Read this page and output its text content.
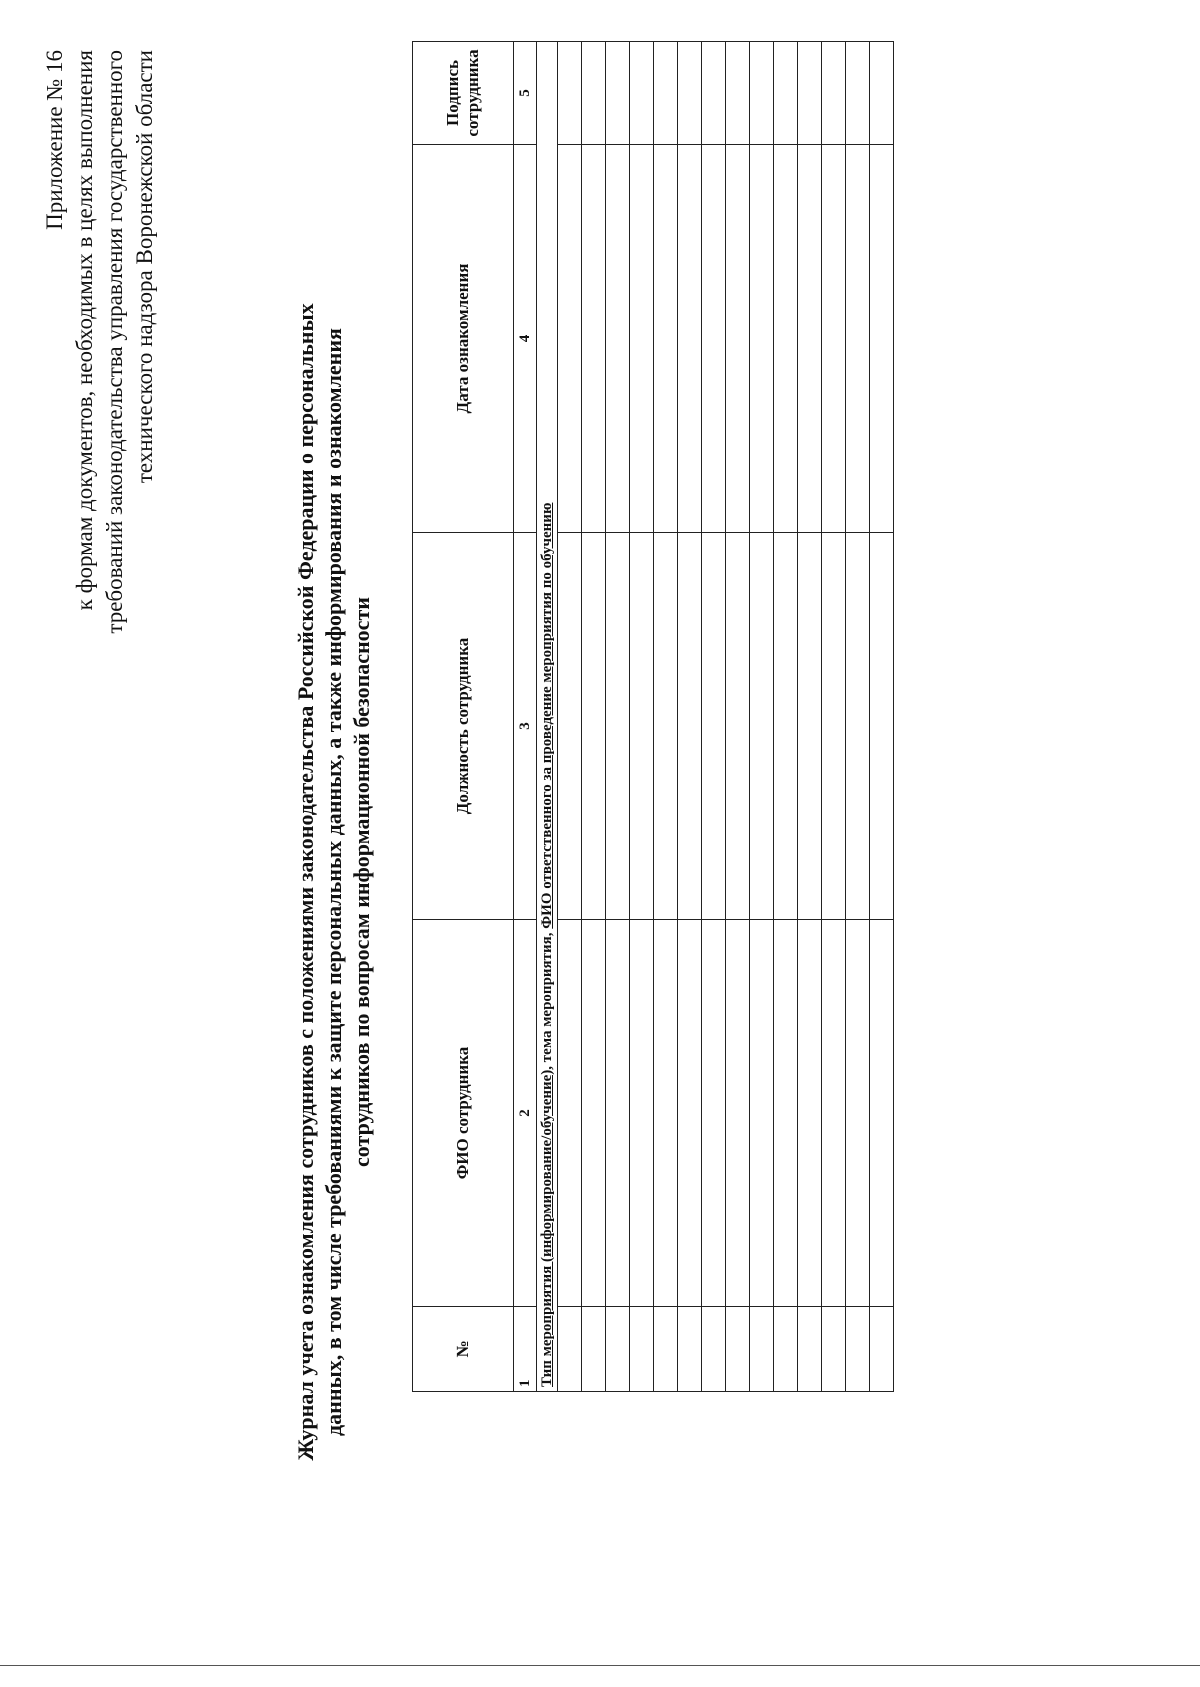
Приложение № 16 к формам документов, необходимых в целях выполнения требований законодательства управления государственного технического надзора Воронежской области
Журнал учета ознакомления сотрудников с положениями законодательства Российской Федерации о персональных данных, в том числе требованиями к защите персональных данных, а также информирования и ознакомления сотрудников по вопросам информационной безопасности
№	ФИО сотрудника	Должность сотрудника	Дата ознакомления	Подпись сотрудника
1	2	3	4	5
Тип мероприятия (информирование/обучение), тема мероприятия, ФИО ответственного за проведение мероприятия по обучению				
